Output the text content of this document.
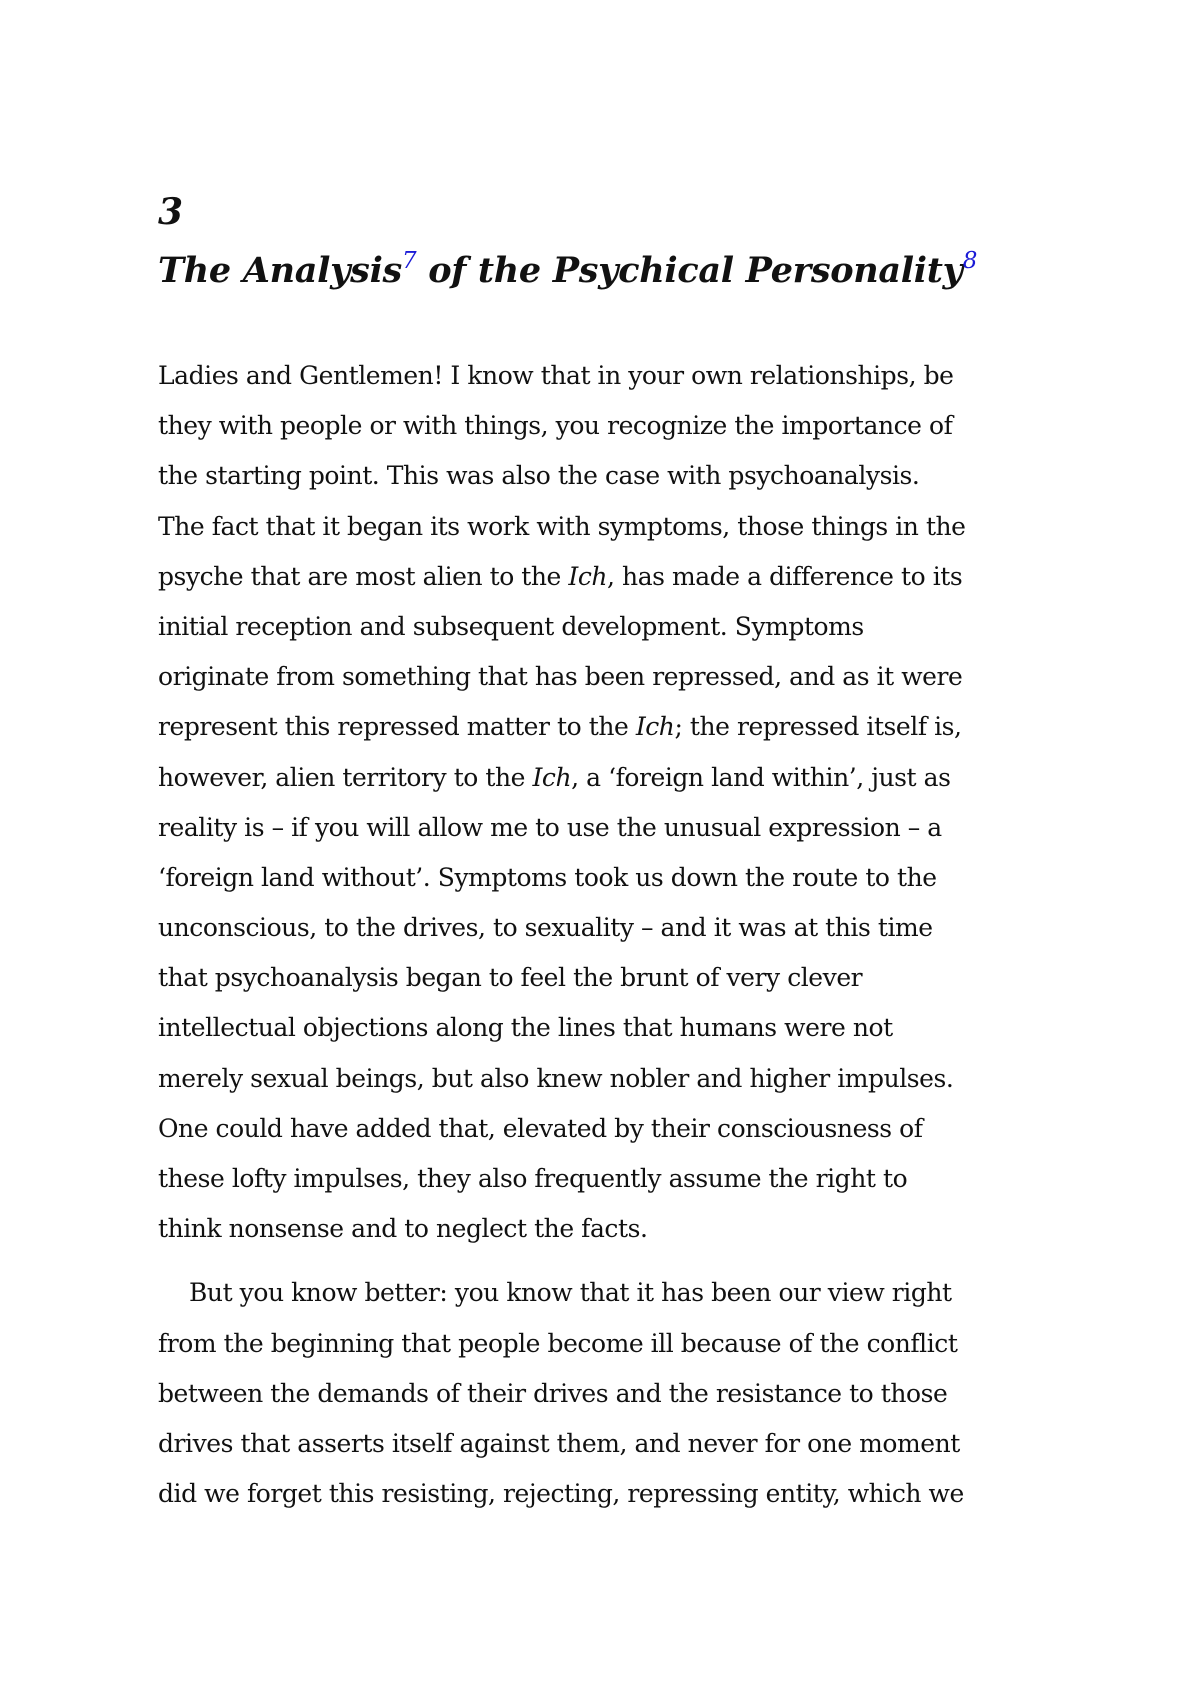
3
The Analysis$^7$ of the Psychical Personality$^8$
Ladies and Gentlemen! I know that in your own relationships, be
they with people or with things, you recognize the importance of
the starting point. This was also the case with psychoanalysis.
The fact that it began its work with symptoms, those things in the
psyche that are most alien to the Ich, has made a difference to its
initial reception and subsequent development. Symptoms
originate from something that has been repressed, and as it were
represent this repressed matter to the Ich; the repressed itself is,
however, alien territory to the Ich, a ‘foreign land within’, just as
reality is – if you will allow me to use the unusual expression – a
‘foreign land without’. Symptoms took us down the route to the
unconscious, to the drives, to sexuality – and it was at this time
that psychoanalysis began to feel the brunt of very clever
intellectual objections along the lines that humans were not
merely sexual beings, but also knew nobler and higher impulses.
One could have added that, elevated by their consciousness of
these lofty impulses, they also frequently assume the right to
think nonsense and to neglect the facts.
But you know better: you know that it has been our view right
from the beginning that people become ill because of the conflict
between the demands of their drives and the resistance to those
drives that asserts itself against them, and never for one moment
did we forget this resisting, rejecting, repressing entity, which we
